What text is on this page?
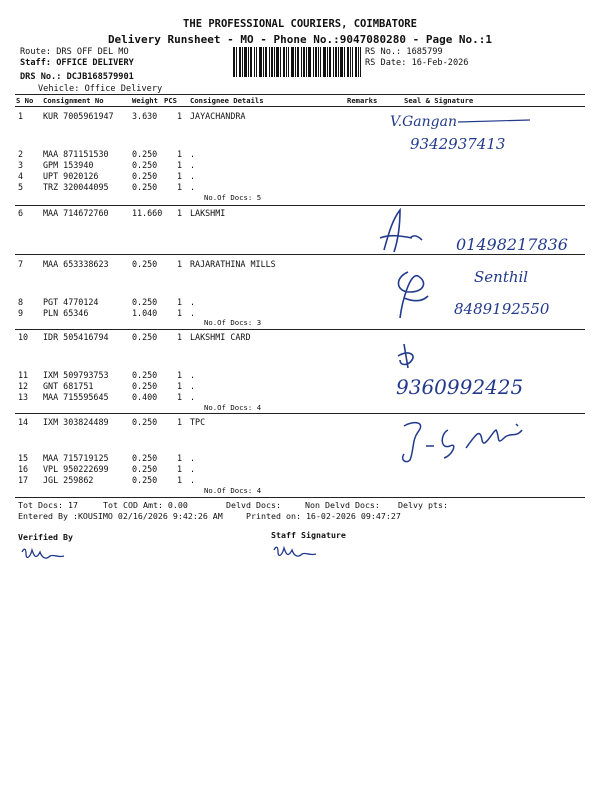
THE PROFESSIONAL COURIERS, COIMBATORE
Delivery Runsheet - MO - Phone No.:9047080280 - Page No.:1
Route: DRS OFF DEL MO
Staff: OFFICE DELIVERY
DRS No.: DCJB168579901
Vehicle: Office Delivery
RS No.: 1685799
RS Date: 16-Feb-2026
S No Consignment No	Weight PCS Consignee Details	Remarks	Seal & Signature
1 KUR 7005961947 3.630 1 JAYACHANDRA
2 MAA 871151530	0.250 1 .
3 GPM 153940	0.250 1 .
4 UPT 9020126	0.250 1 .
5 TRZ 320044095	0.250 1 .
No.Of Docs: 5
V.Gangan
9342937413
6 MAA 714672760	11.660 1 LAKSHMI
01498217836
7 MAA 653338623	0.250 1 RAJARATHINA MILLS
8 PGT 4770124	0.250 1 .
9 PLN 65346	1.040 1 .
No.Of Docs: 3
Senthil
8489192550
10 IDR 505416794	0.250 1 LAKSHMI CARD
11 IXM 509793753	0.250 1 .
12 GNT 681751	0.250 1 .
13 MAA 715595645	0.400 1 .
No.Of Docs: 4
9360992425
14 IXM 303824489	0.250 1 TPC
15 MAA 715719125	0.250 1 .
16 VPL 950222699	0.250 1 .
17 JGL 259862	0.250 1 .
No.Of Docs: 4
Tot Docs: 17	Tot COD Amt: 0.00	Delvd Docs:	Non Delvd Docs: Delvy pts:
Entered By :KOUSIMO 02/16/2026 9:42:26 AM	Printed on: 16-02-2026 09:47:27
Verified By	Staff Signature
